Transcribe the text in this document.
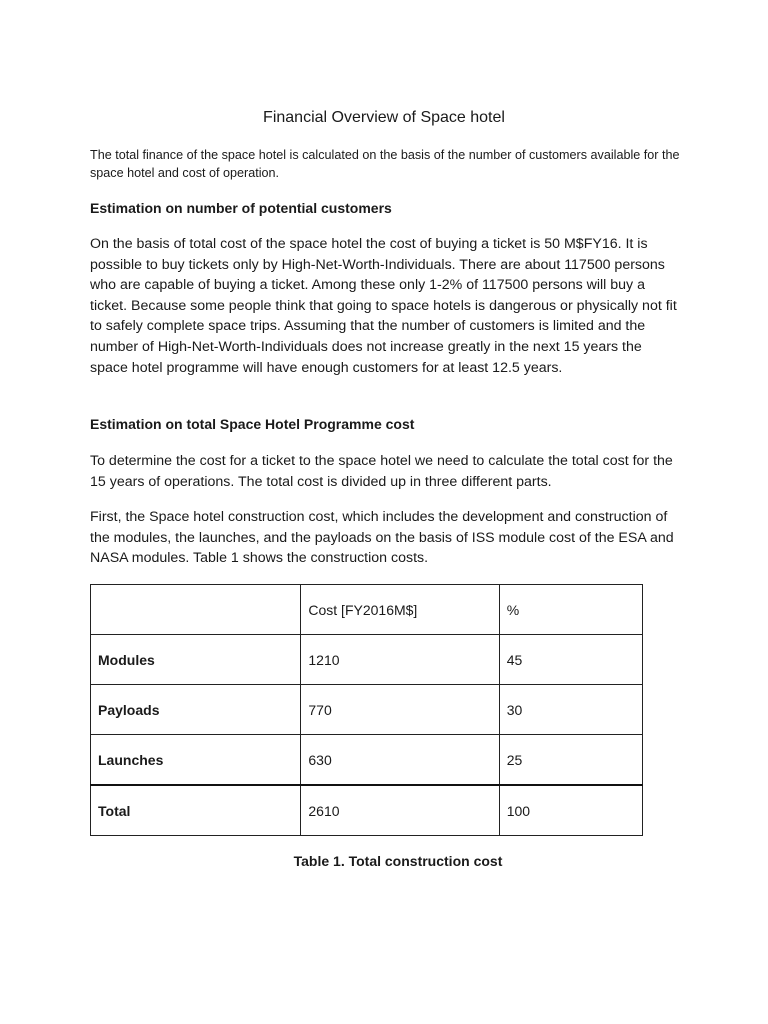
Financial Overview of Space hotel

The total finance of the space hotel is calculated on the basis of the number of customers available for the space hotel and cost of operation.

Estimation on number of potential customers

On the basis of total cost of the space hotel the cost of buying a ticket is 50 M$FY16. It is possible to buy tickets only by High-Net-Worth-Individuals. There are about 117500 persons who are capable of buying a ticket. Among these only 1-2% of 117500 persons will buy a ticket. Because some people think that going to space hotels is dangerous or physically not fit to safely complete space trips. Assuming that the number of customers is limited and the number of High-Net-Worth-Individuals does not increase greatly in the next 15 years the space hotel programme will have enough customers for at least 12.5 years.

Estimation on total Space Hotel Programme cost

To determine the cost for a ticket to the space hotel we need to calculate the total cost for the 15 years of operations. The total cost is divided up in three different parts.

First, the Space hotel construction cost, which includes the development and construction of the modules, the launches, and the payloads on the basis of ISS module cost of the ESA and NASA modules. Table 1 shows the construction costs.

	Cost [FY2016M$]	%
Modules	1210	45
Payloads	770	30
Launches	630	25
Total	2610	100

Table 1. Total construction cost
